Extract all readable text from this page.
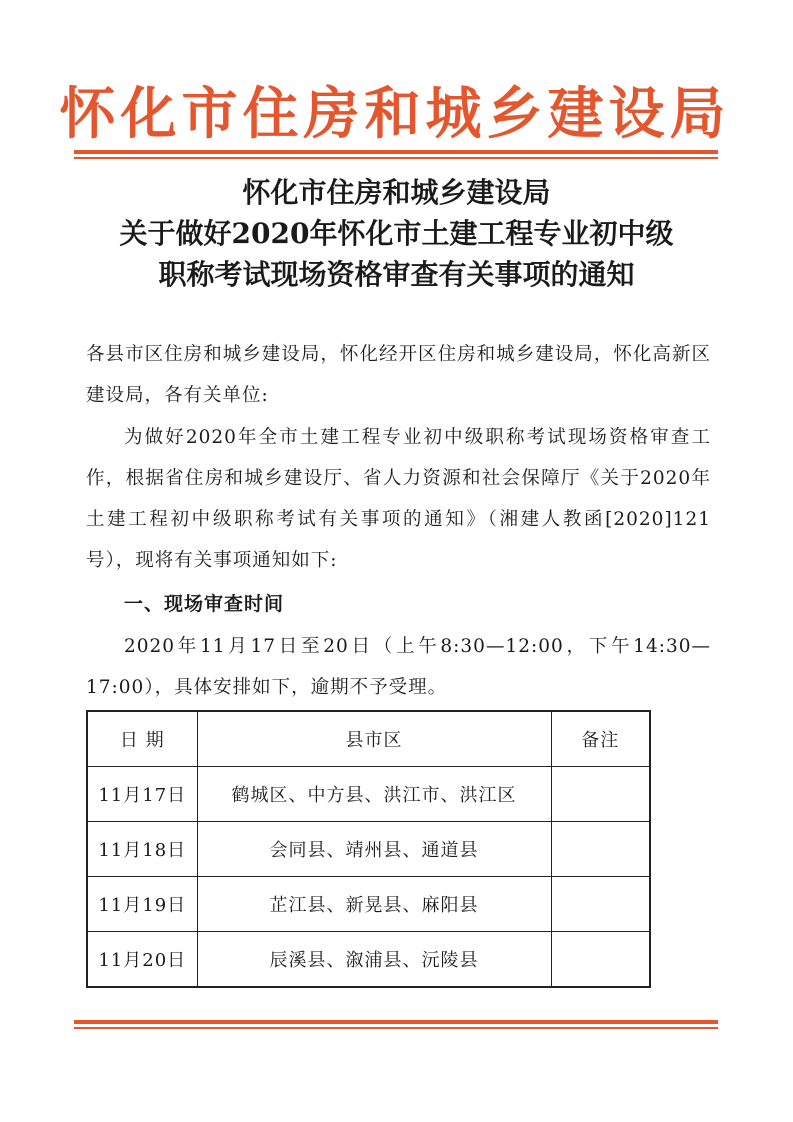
怀化市住房和城乡建设局
怀化市住房和城乡建设局
关于做好2020年怀化市土建工程专业初中级
职称考试现场资格审查有关事项的通知
各县市区住房和城乡建设局，怀化经开区住房和城乡建设局，怀化高新区建设局，各有关单位:
为做好2020年全市土建工程专业初中级职称考试现场资格审查工作，根据省住房和城乡建设厅、省人力资源和社会保障厅《关于2020年土建工程初中级职称考试有关事项的通知》（湘建人教函[2020]121号），现将有关事项通知如下:
一、现场审查时间
2020年11月17日至20日（上午8:30—12:00，下午14:30—17:00），具体安排如下，逾期不予受理。
日 期	县市区	备注
11月17日	鹤城区、中方县、洪江市、洪江区	
11月18日	会同县、靖州县、通道县	
11月19日	芷江县、新晃县、麻阳县	
11月20日	辰溪县、溆浦县、沅陵县	
